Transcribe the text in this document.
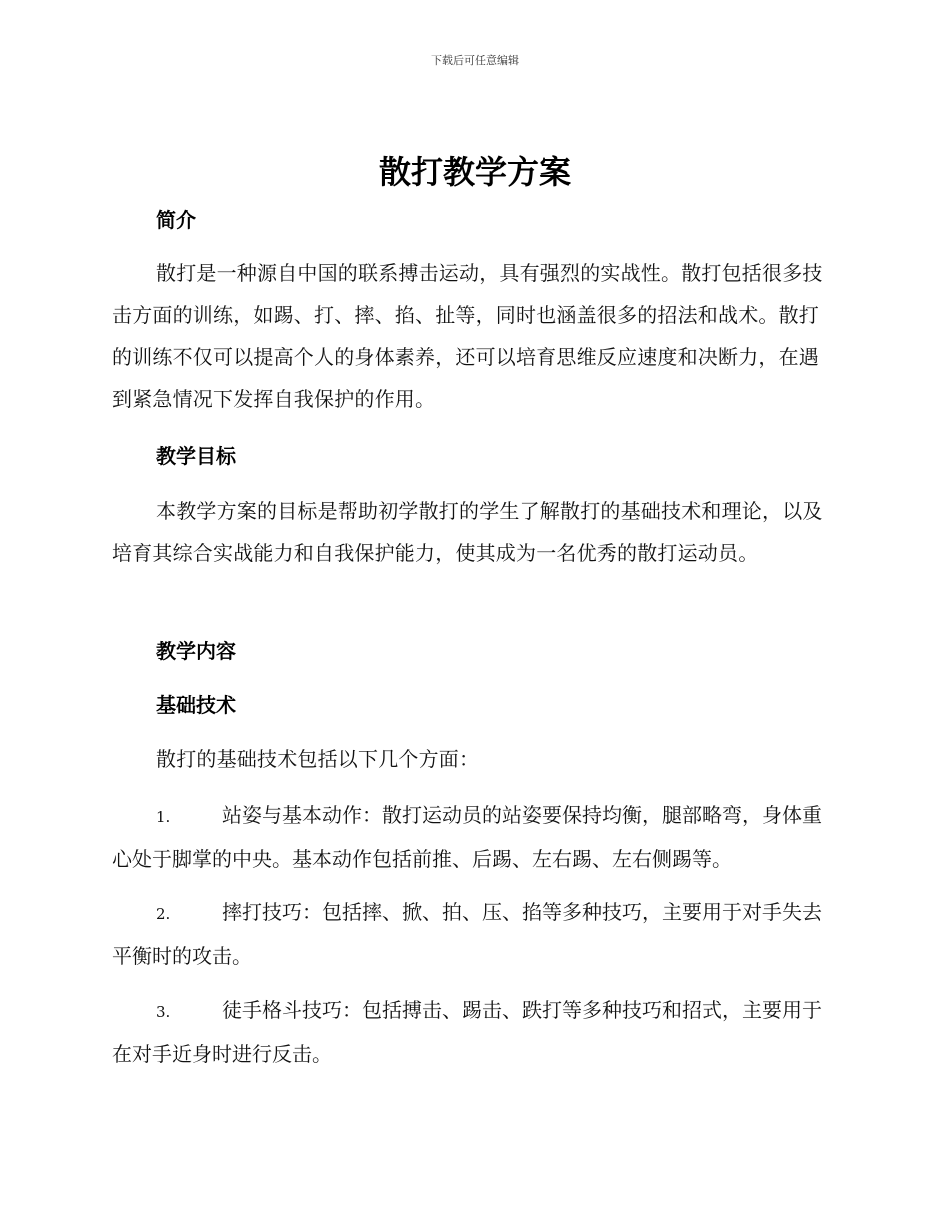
下载后可任意编辑
散打教学方案
简介
散打是一种源自中国的联系搏击运动，具有强烈的实战性。散打包括很多技击方面的训练，如踢、打、摔、掐、扯等，同时也涵盖很多的招法和战术。散打的训练不仅可以提高个人的身体素养，还可以培育思维反应速度和决断力，在遇到紧急情况下发挥自我保护的作用。
教学目标
本教学方案的目标是帮助初学散打的学生了解散打的基础技术和理论，以及培育其综合实战能力和自我保护能力，使其成为一名优秀的散打运动员。
教学内容
基础技术
散打的基础技术包括以下几个方面：
1.	站姿与基本动作：散打运动员的站姿要保持均衡，腿部略弯，身体重心处于脚掌的中央。基本动作包括前推、后踢、左右踢、左右侧踢等。
2.	摔打技巧：包括摔、掀、拍、压、掐等多种技巧，主要用于对手失去平衡时的攻击。
3.	徒手格斗技巧：包括搏击、踢击、跌打等多种技巧和招式，主要用于在对手近身时进行反击。
